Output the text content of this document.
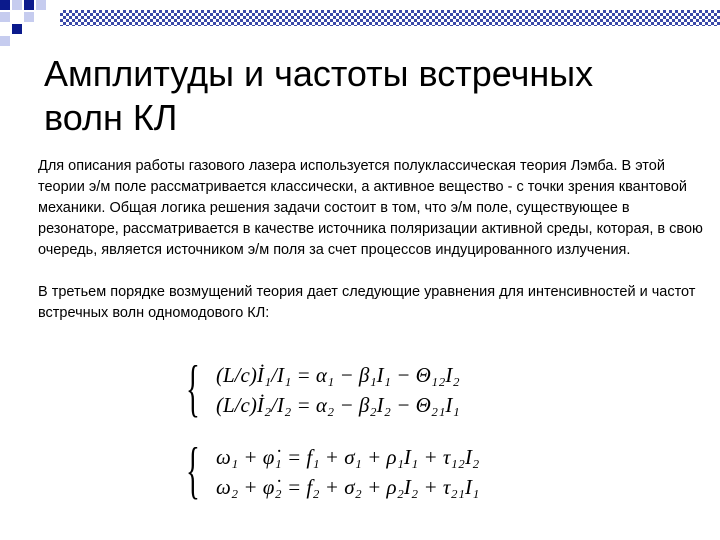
Амплитуды и частоты встречных
волн КЛ

Для описания работы газового лазера используется полуклассическая теория Лэмба. В этой теории э/м поле рассматривается классически, а активное вещество - с точки зрения квантовой механики. Общая логика решения задачи состоит в том, что э/м поле, существующее в резонаторе, рассматривается в качестве источника поляризации активной среды, которая, в свою очередь, является источником э/м поля за счет процессов индуцированного излучения.

В третьем порядке возмущений теория дает следующие уравнения для интенсивностей и частот встречных волн одномодового КЛ:

{ (L/c)İ₁/I₁ = α₁ − β₁I₁ − Θ₁₂I₂
(L/c)İ₂/I₂ = α₂ − β₂I₂ − Θ₂₁I₁
{ ω₁ + φ̇₁ = f₁ + σ₁ + ρ₁I₁ + τ₁₂I₂
ω₂ + φ̇₂ = f₂ + σ₂ + ρ₂I₂ + τ₂₁I₁
